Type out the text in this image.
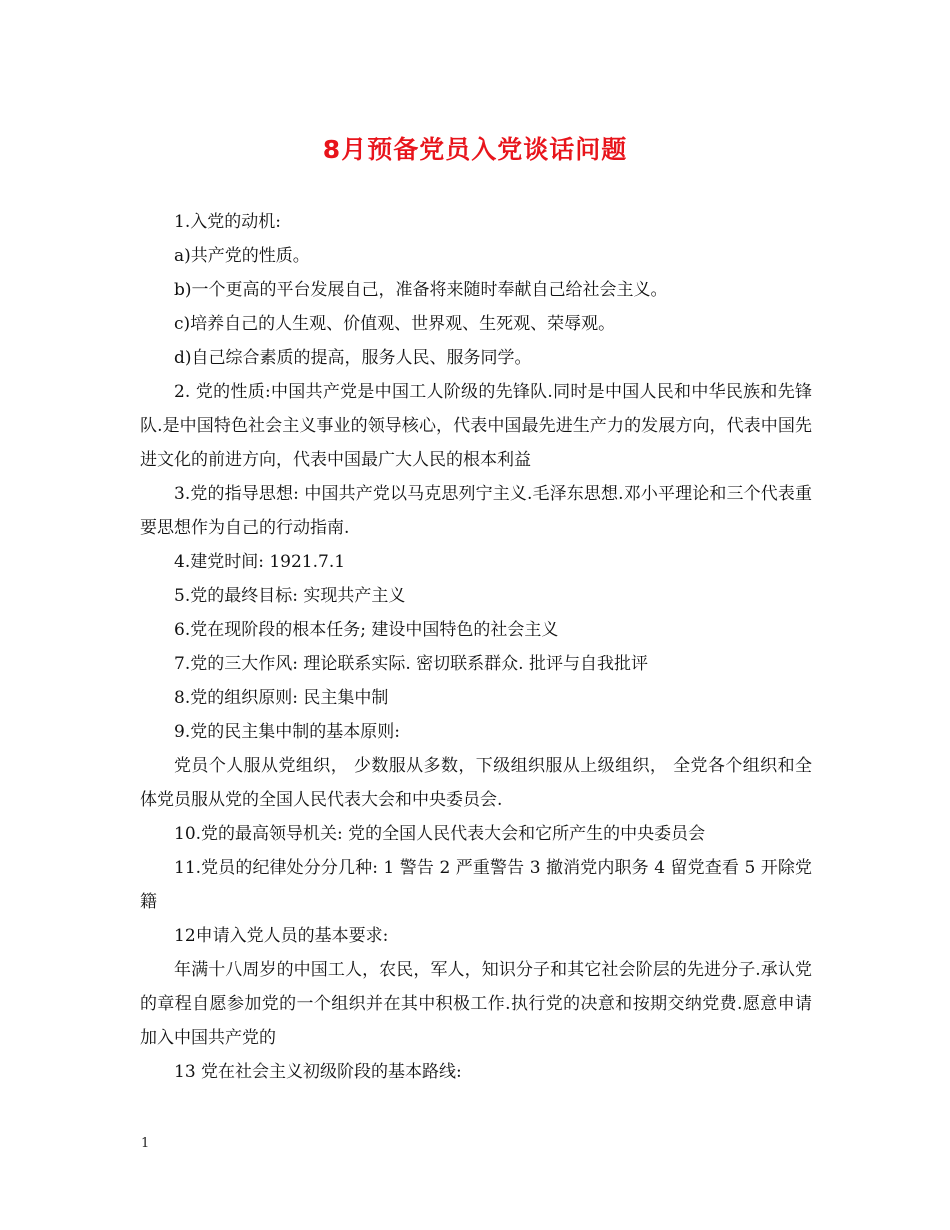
8月预备党员入党谈话问题

1.入党的动机:

a)共产党的性质。

b)一个更高的平台发展自己，准备将来随时奉献自己给社会主义。

c)培养自己的人生观、价值观、世界观、生死观、荣辱观。

d)自己综合素质的提高，服务人民、服务同学。

2. 党的性质:中国共产党是中国工人阶级的先锋队.同时是中国人民和中华民族和先锋队.是中国特色社会主义事业的领导核心，代表中国最先进生产力的发展方向，代表中国先进文化的前进方向，代表中国最广大人民的根本利益

3.党的指导思想: 中国共产党以马克思列宁主义.毛泽东思想.邓小平理论和三个代表重要思想作为自己的行动指南.

4.建党时间: 1921.7.1

5.党的最终目标: 实现共产主义

6.党在现阶段的根本任务; 建设中国特色的社会主义

7.党的三大作风: 理论联系实际. 密切联系群众. 批评与自我批评

8.党的组织原则: 民主集中制

9.党的民主集中制的基本原则:

党员个人服从党组织， 少数服从多数，下级组织服从上级组织， 全党各个组织和全体党员服从党的全国人民代表大会和中央委员会.

10.党的最高领导机关: 党的全国人民代表大会和它所产生的中央委员会

11.党员的纪律处分分几种: 1 警告 2 严重警告 3 撤消党内职务 4 留党查看 5 开除党籍

12申请入党人员的基本要求:

年满十八周岁的中国工人，农民，军人，知识分子和其它社会阶层的先进分子.承认党的章程自愿参加党的一个组织并在其中积极工作.执行党的决意和按期交纳党费.愿意申请加入中国共产党的

13 党在社会主义初级阶段的基本路线:

1
